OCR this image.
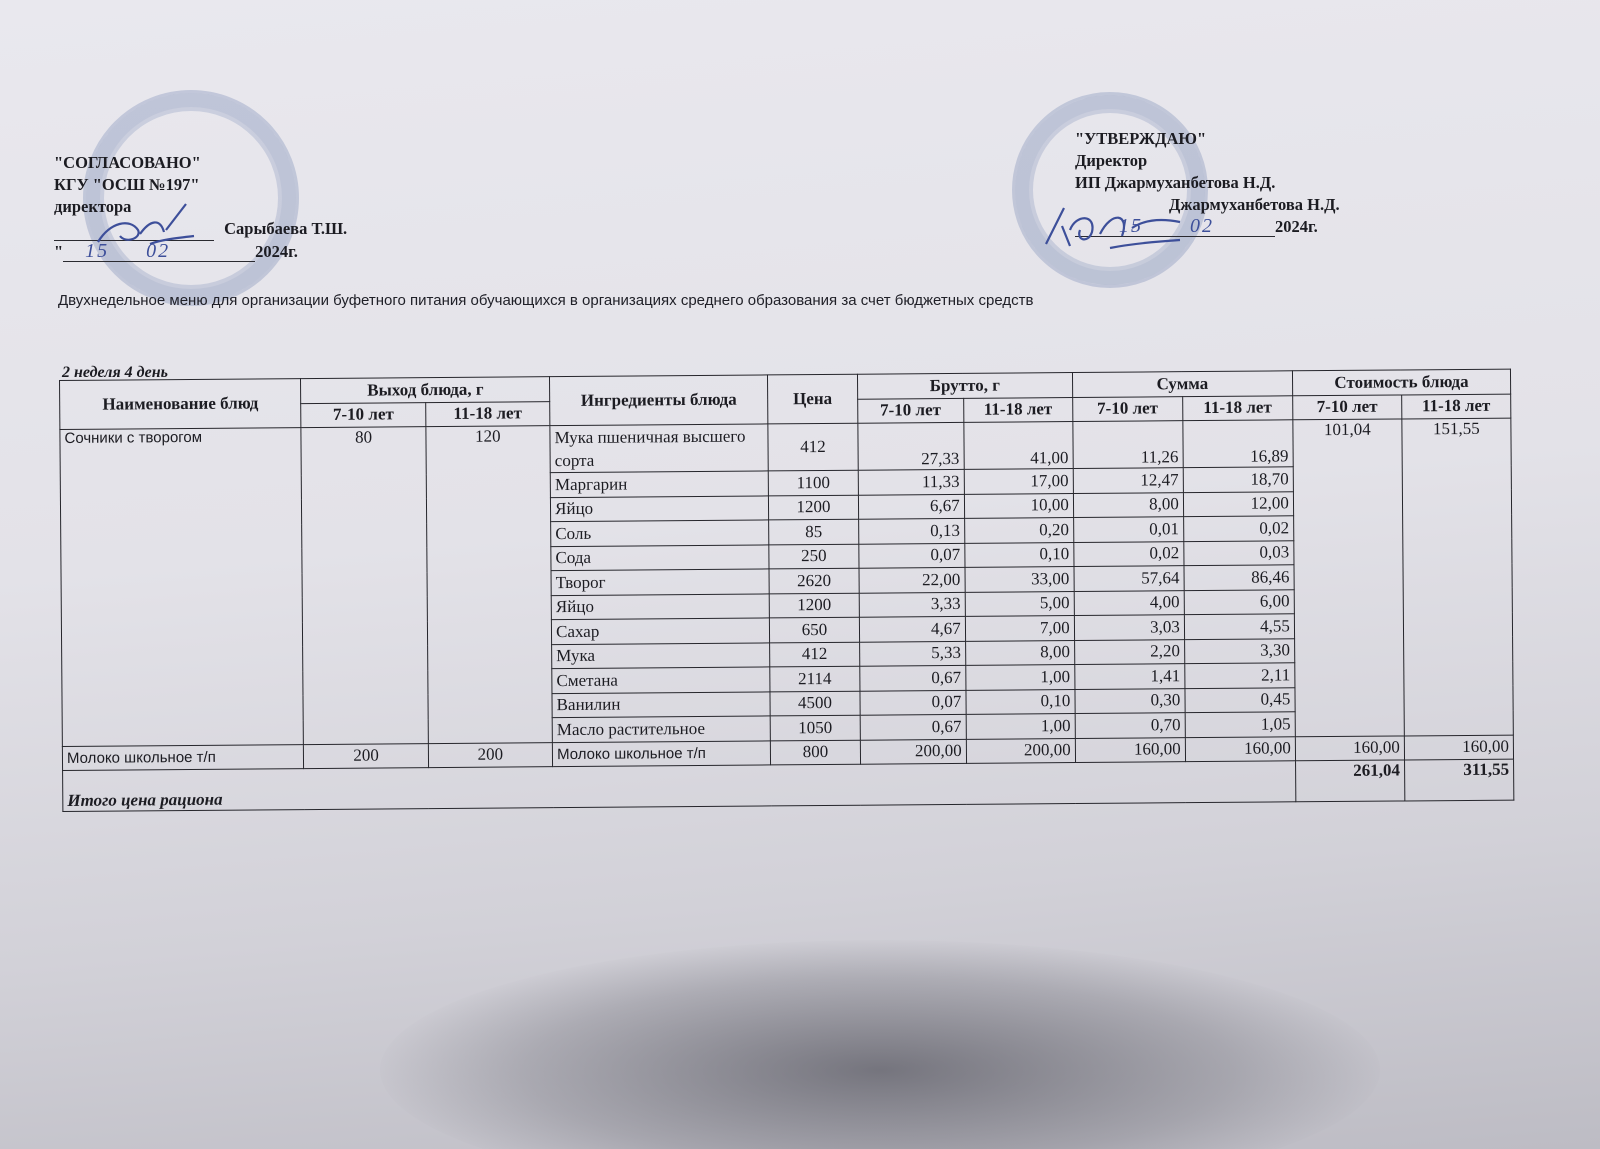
"СОГЛАСОВАНО"
КГУ "ОСШ №197"
директора
Сарыбаева Т.Ш.
" 15 02	2024г.
"УТВЕРЖДАЮ"
Директор
ИП Джармуханбетова Н.Д.
Джармуханбетова Н.Д.
15 02	2024г.
Двухнедельное меню для организации буфетного питания обучающихся в организациях среднего образования за счет бюджетных средств
2 неделя 4 день
Наименование блюд	Выход блюда, г		Ингредиенты блюда	Цена	Брутто, г		Сумма		Стоимость блюда	
	7-10 лет	11-18 лет			7-10 лет	11-18 лет	7-10 лет	11-18 лет	7-10 лет	11-18 лет
Сочники с творогом	80	120	Мука пшеничная высшего сорта	412	27,33	41,00	11,26	16,89	101,04	151,55
			Маргарин	1100	11,33	17,00	12,47	18,70		
			Яйцо	1200	6,67	10,00	8,00	12,00		
			Соль	85	0,13	0,20	0,01	0,02		
			Сода	250	0,07	0,10	0,02	0,03		
			Творог	2620	22,00	33,00	57,64	86,46		
			Яйцо	1200	3,33	5,00	4,00	6,00		
			Сахар	650	4,67	7,00	3,03	4,55		
			Мука	412	5,33	8,00	2,20	3,30		
			Сметана	2114	0,67	1,00	1,41	2,11		
			Ванилин	4500	0,07	0,10	0,30	0,45		
			Масло растительное	1050	0,67	1,00	0,70	1,05		
Молоко школьное т/п	200	200	Молоко школьное т/п	800	200,00	200,00	160,00	160,00	160,00	160,00
Итого цена рациона									261,04	311,55
